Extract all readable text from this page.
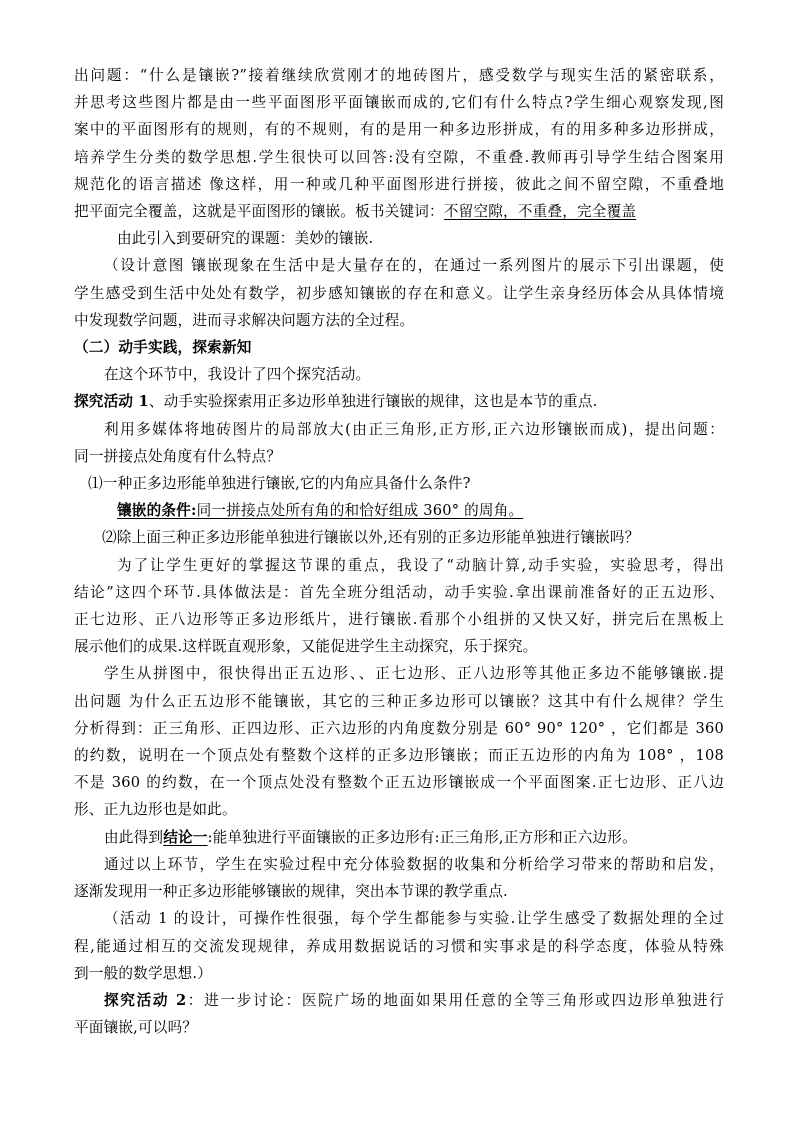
出问题：“什么是镶嵌?”接着继续欣赏刚才的地砖图片，感受数学与现实生活的紧密联系，
并思考这些图片都是由一些平面图形平面镶嵌而成的,它们有什么特点?学生细心观察发现,图
案中的平面图形有的规则，有的不规则，有的是用一种多边形拼成，有的用多种多边形拼成，
培养学生分类的数学思想.学生很快可以回答:没有空隙，不重叠.教师再引导学生结合图案用
规范化的语言描述 像这样，用一种或几种平面图形进行拼接，彼此之间不留空隙，不重叠地
把平面完全覆盖，这就是平面图形的镶嵌。板书关键词：不留空隙，不重叠，完全覆盖
由此引入到要研究的课题：美妙的镶嵌.
（设计意图 镶嵌现象在生活中是大量存在的，在通过一系列图片的展示下引出课题，使
学生感受到生活中处处有数学，初步感知镶嵌的存在和意义。让学生亲身经历体会从具体情境
中发现数学问题，进而寻求解决问题方法的全过程。
（二）动手实践，探索新知
在这个环节中，我设计了四个探究活动。
探究活动 1、动手实验探索用正多边形单独进行镶嵌的规律，这也是本节的重点.
利用多媒体将地砖图片的局部放大(由正三角形,正方形,正六边形镶嵌而成)，提出问题：
同一拼接点处角度有什么特点？
⑴一种正多边形能单独进行镶嵌,它的内角应具备什么条件?
镶嵌的条件:同一拼接点处所有角的和恰好组成 360° 的周角。
⑵除上面三种正多边形能单独进行镶嵌以外,还有别的正多边形能单独进行镶嵌吗？
为了让学生更好的掌握这节课的重点，我设了“动脑计算,动手实验，实验思考，得出
结论”这四个环节.具体做法是：首先全班分组活动，动手实验.拿出课前准备好的正五边形、
正七边形、正八边形等正多边形纸片，进行镶嵌.看那个小组拼的又快又好，拼完后在黑板上
展示他们的成果.这样既直观形象，又能促进学生主动探究，乐于探究。
学生从拼图中，很快得出正五边形、、正七边形、正八边形等其他正多边不能够镶嵌.提
出问题 为什么正五边形不能镶嵌，其它的三种正多边形可以镶嵌？这其中有什么规律？学生
分析得到：正三角形、正四边形、正六边形的内角度数分别是 60° 90° 120° ，它们都是 360
的约数，说明在一个顶点处有整数个这样的正多边形镶嵌；而正五边形的内角为 108° ，108
不是 360 的约数，在一个顶点处没有整数个正五边形镶嵌成一个平面图案.正七边形、正八边
形、正九边形也是如此。
由此得到结论一:能单独进行平面镶嵌的正多边形有:正三角形,正方形和正六边形。
通过以上环节，学生在实验过程中充分体验数据的收集和分析给学习带来的帮助和启发，
逐渐发现用一种正多边形能够镶嵌的规律，突出本节课的教学重点.
（活动 1 的设计，可操作性很强，每个学生都能参与实验.让学生感受了数据处理的全过
程,能通过相互的交流发现规律，养成用数据说话的习惯和实事求是的科学态度，体验从特殊
到一般的数学思想.）
探究活动 2：进一步讨论：医院广场的地面如果用任意的全等三角形或四边形单独进行
平面镶嵌,可以吗？
